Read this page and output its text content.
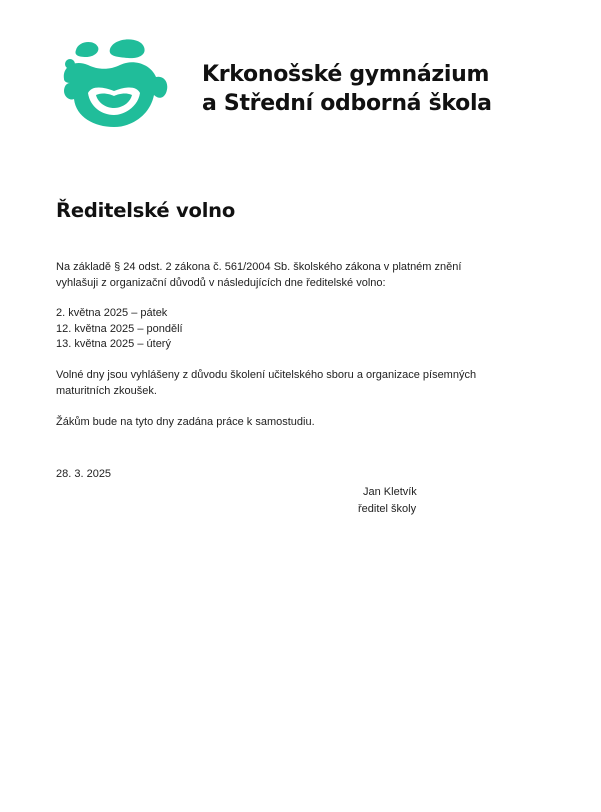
Krkonošské gymnázium
a Střední odborná škola
Ředitelské volno
Na základě § 24 odst. 2 zákona č. 561/2004 Sb. školského zákona v platném znění
vyhlašuji z organizační důvodů v následujících dne ředitelské volno:
2. května 2025 – pátek
12. května 2025 – pondělí
13. května 2025 – úterý
Volné dny jsou vyhlášeny z důvodu školení učitelského sboru a organizace písemných
maturitních zkoušek.
Žákům bude na tyto dny zadána práce k samostudiu.
28. 3. 2025
Jan Kletvík
ředitel školy
